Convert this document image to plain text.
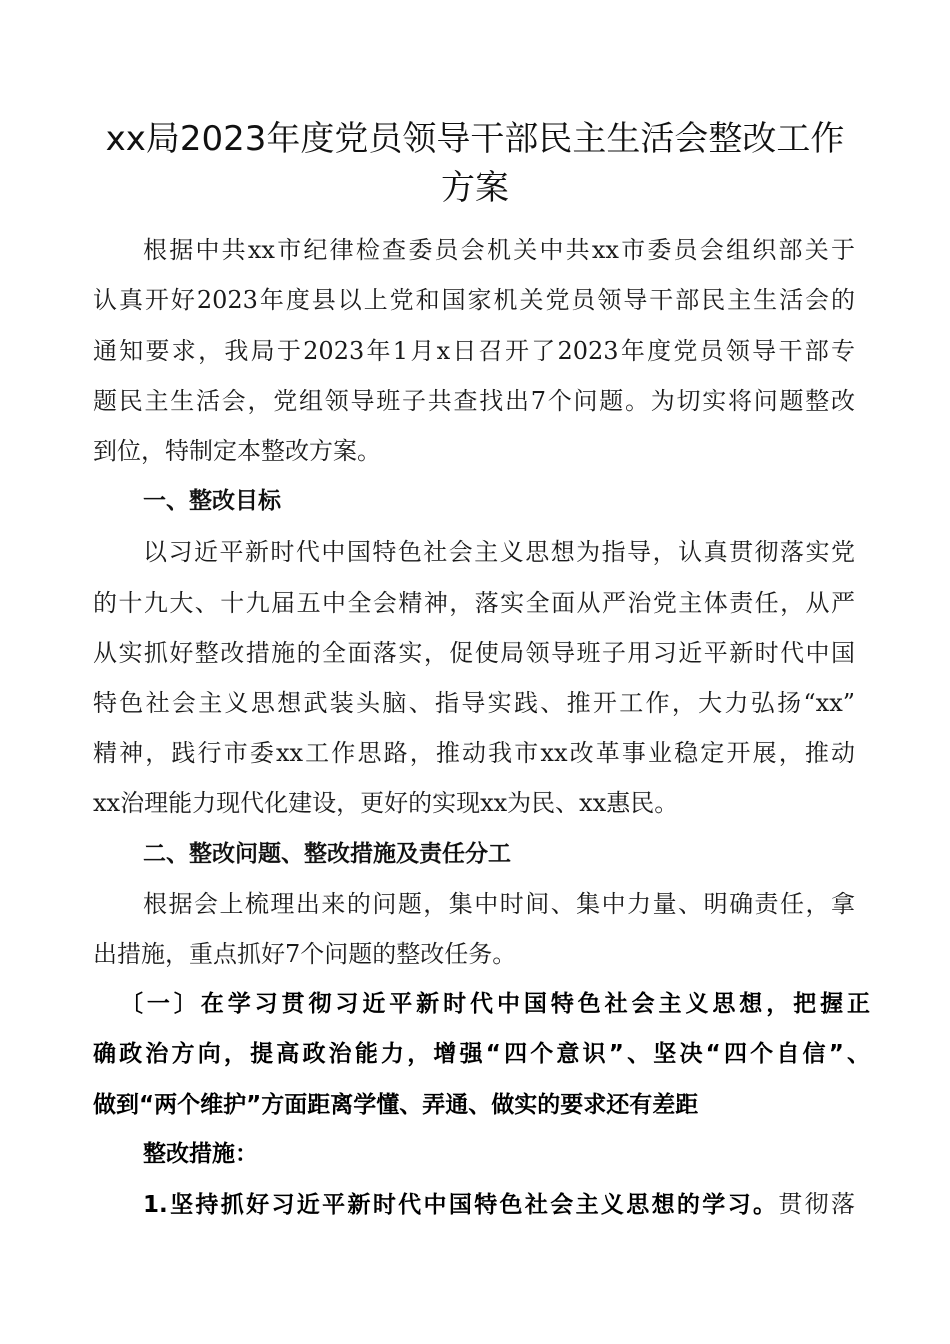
xx局2023年度党员领导干部民主生活会整改工作
方案
根据中共xx市纪律检查委员会机关中共xx市委员会组织部关于
认真开好2023年度县以上党和国家机关党员领导干部民主生活会的
通知要求，我局于2023年1月x日召开了2023年度党员领导干部专
题民主生活会，党组领导班子共查找出7个问题。为切实将问题整改
到位，特制定本整改方案。
一、整改目标
以习近平新时代中国特色社会主义思想为指导，认真贯彻落实党
的十九大、十九届五中全会精神，落实全面从严治党主体责任，从严
从实抓好整改措施的全面落实，促使局领导班子用习近平新时代中国
特色社会主义思想武装头脑、指导实践、推开工作，大力弘扬“xx”
精神，践行市委xx工作思路，推动我市xx改革事业稳定开展，推动
xx治理能力现代化建设，更好的实现xx为民、xx惠民。
二、整改问题、整改措施及责任分工
根据会上梳理出来的问题，集中时间、集中力量、明确责任，拿
出措施，重点抓好7个问题的整改任务。
〔一〕在学习贯彻习近平新时代中国特色社会主义思想，把握正
确政治方向，提高政治能力，增强“四个意识”、坚决“四个自信”、
做到“两个维护”方面距离学懂、弄通、做实的要求还有差距
整改措施：
1.坚持抓好习近平新时代中国特色社会主义思想的学习。贯彻落
